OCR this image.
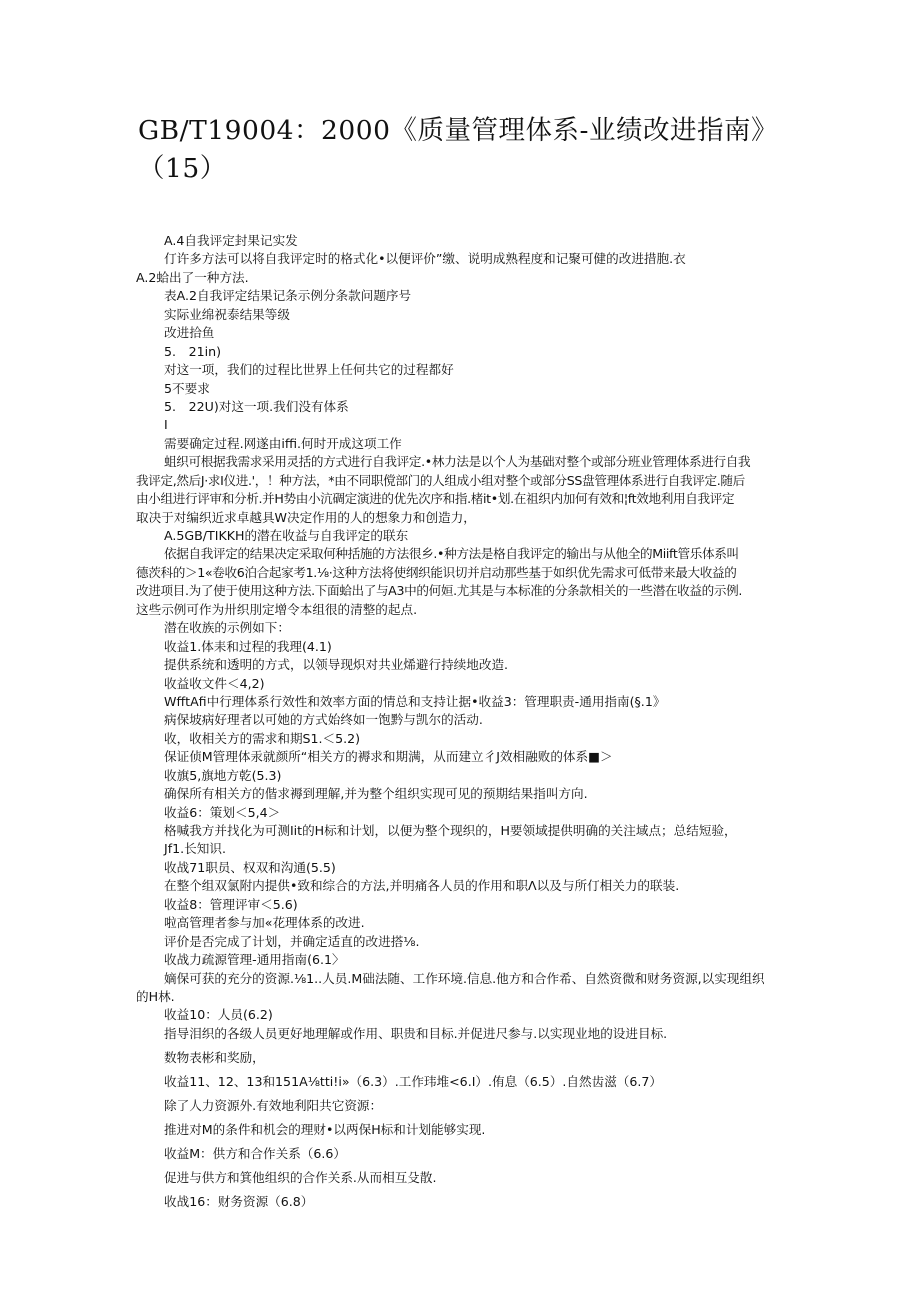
GB/T19004：2000《质量管理体系-业绩改进指南》
（15）
A.4自我评定封果记实发
仃许多方法可以将自我评定时的格式化•以便评价”缴、说明成熟程度和记聚可健的改进措胞.衣
A.2蛤出了一种方法.
表A.2自我评定结果记条示例分条款问题序号
实际业绵祝泰结果等级
改进拾鱼
5.　21in)
对这一项，我们的过程比世界上任何共它的过程都好
5不要求
5.　22U)对这一项.我们没有体系
I
需要确定过程.网遂由iffi.何时开成这项工作
蛆织可根据我需求采用灵括的方式进行自我评定.•林力法是以个人为基础对整个或部分班业管理体系进行自我
我评定,然后J·求I仪进.'，！种方法，*由不同职傥部门的人组成小组对整个或部分SS盘管理体系进行自我评定.随后
由小组进行评审和分析.并H势由小沆碉定演进的优先次序和指.楮it•划.在祖织内加何有效和¦ft效地利用自我评定
取决于对编织近求卓越具W决定作用的人的想象力和创造力，
A.5GB/TIKKH的潜在收益与自我评定的联东
依据自我评定的结果决定采取何种括施的方法很乡.•种方法是格自我评定的输出与从他全的Miift管乐体系叫
德茨科的＞1«卷收6泊合起家考1.⅛·这种方法将使纲织能识切并启动那些基于如织优先需求可低带来最大收益的
改进项目.为了使于使用这种方法.下面蛤出了与A3中的何姮.尤其是与本标准的分条款相关的一些潜在收益的示例.
这些示例可作为卅织刖定增令本组很的清整的起点.
潜在收族的示例如下：
收益1.体耒和过程的我理(4.1)
提供系统和透明的方式，以领导现炽对共业烯避行持续地改造.
收益收文件＜4,2)
WfftAfi中行理体系行效性和效率方面的情总和支持让据•收益3：管理职责-通用指南(§.1》
病保坡病好理者以可她的方式始终如一饱黔与凯尔的活动.
收，收相关方的需求和期S1.＜5.2)
保证侦M管理体汞就颜所“相关方的褥求和期满，从而建立彳J效相融败的体系■＞
收旗5,旗地方乾(5.3)
确保所有相关方的偕求褥到理解,并为整个组织实现可见的预期结果指叫方向.
收益6：策划＜5,4＞
格喊我方并找化为可测Iit的H标和计划，以便为整个现织的，H要领域提供明确的关注域点；总结短验，
Jf1.长知识.
收战71职员、权双和沟通(5.5)
在整个组双氯附内提供•致和综合的方法,并明痛各人员的作用和职Λ以及与所仃相关力的联装.
收益8：管理评审＜5.6)
啦高管理者参与加«花理体系的改进.
评价是否完成了计划，并确定适直的改进搭⅛.
收战力疏源管理-通用指南(6.1〉
嫡保可获的充分的资源.⅛1..人员.M础法随、工作环境.信息.他方和合作希、自然资微和财务资源,以实现组织
的H林.
收益10：人员(6.2)
指导泪织的各级人员更好地理解或作用、职贵和目标.并促进尺参与.以实现业地的设进目标.
数物表彬和奖励，
收益11、12、13和151A⅛tti!i»（6.3）.工作玮堆<6.I）.侑息（6.5）.自然齿滋（6.7）
除了人力资源外.有效地利阳共它资源：
推进对M的条件和机会的理财•以两保H标和计划能够实现.
收益M：供方和合作关系（6.6）
促进与供方和箕他组织的合作关系.从而相互殳散.
收战16：财务资源（6.8）
